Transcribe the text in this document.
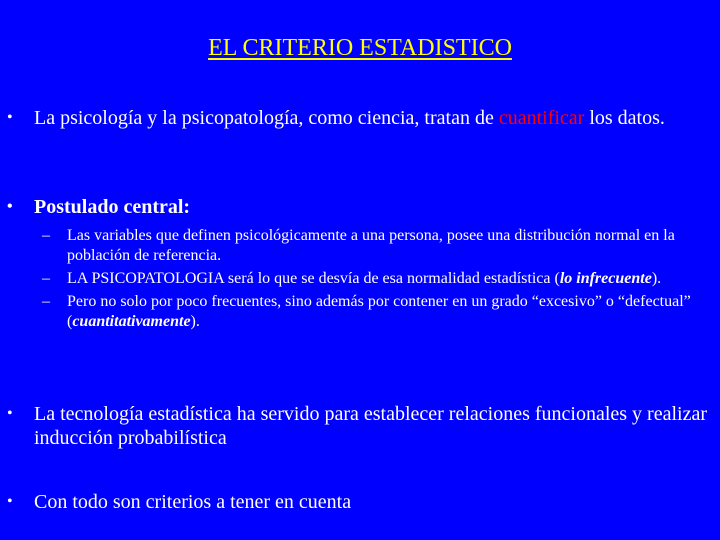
EL CRITERIO ESTADISTICO
•	La psicología y la psicopatología, como ciencia, tratan de cuantificar los datos.
•	Postulado central:
–	Las variables que definen psicológicamente a una persona, posee una distribución normal en la población de referencia.
–	LA PSICOPATOLOGIA será lo que se desvía de esa normalidad estadística (lo infrecuente).
–	Pero no solo por poco frecuentes, sino además por contener en un grado “excesivo” o “defectual” (cuantitativamente).
•	La tecnología estadística ha servido para establecer relaciones funcionales y realizar inducción probabilística
•	Con todo son criterios a tener en cuenta
